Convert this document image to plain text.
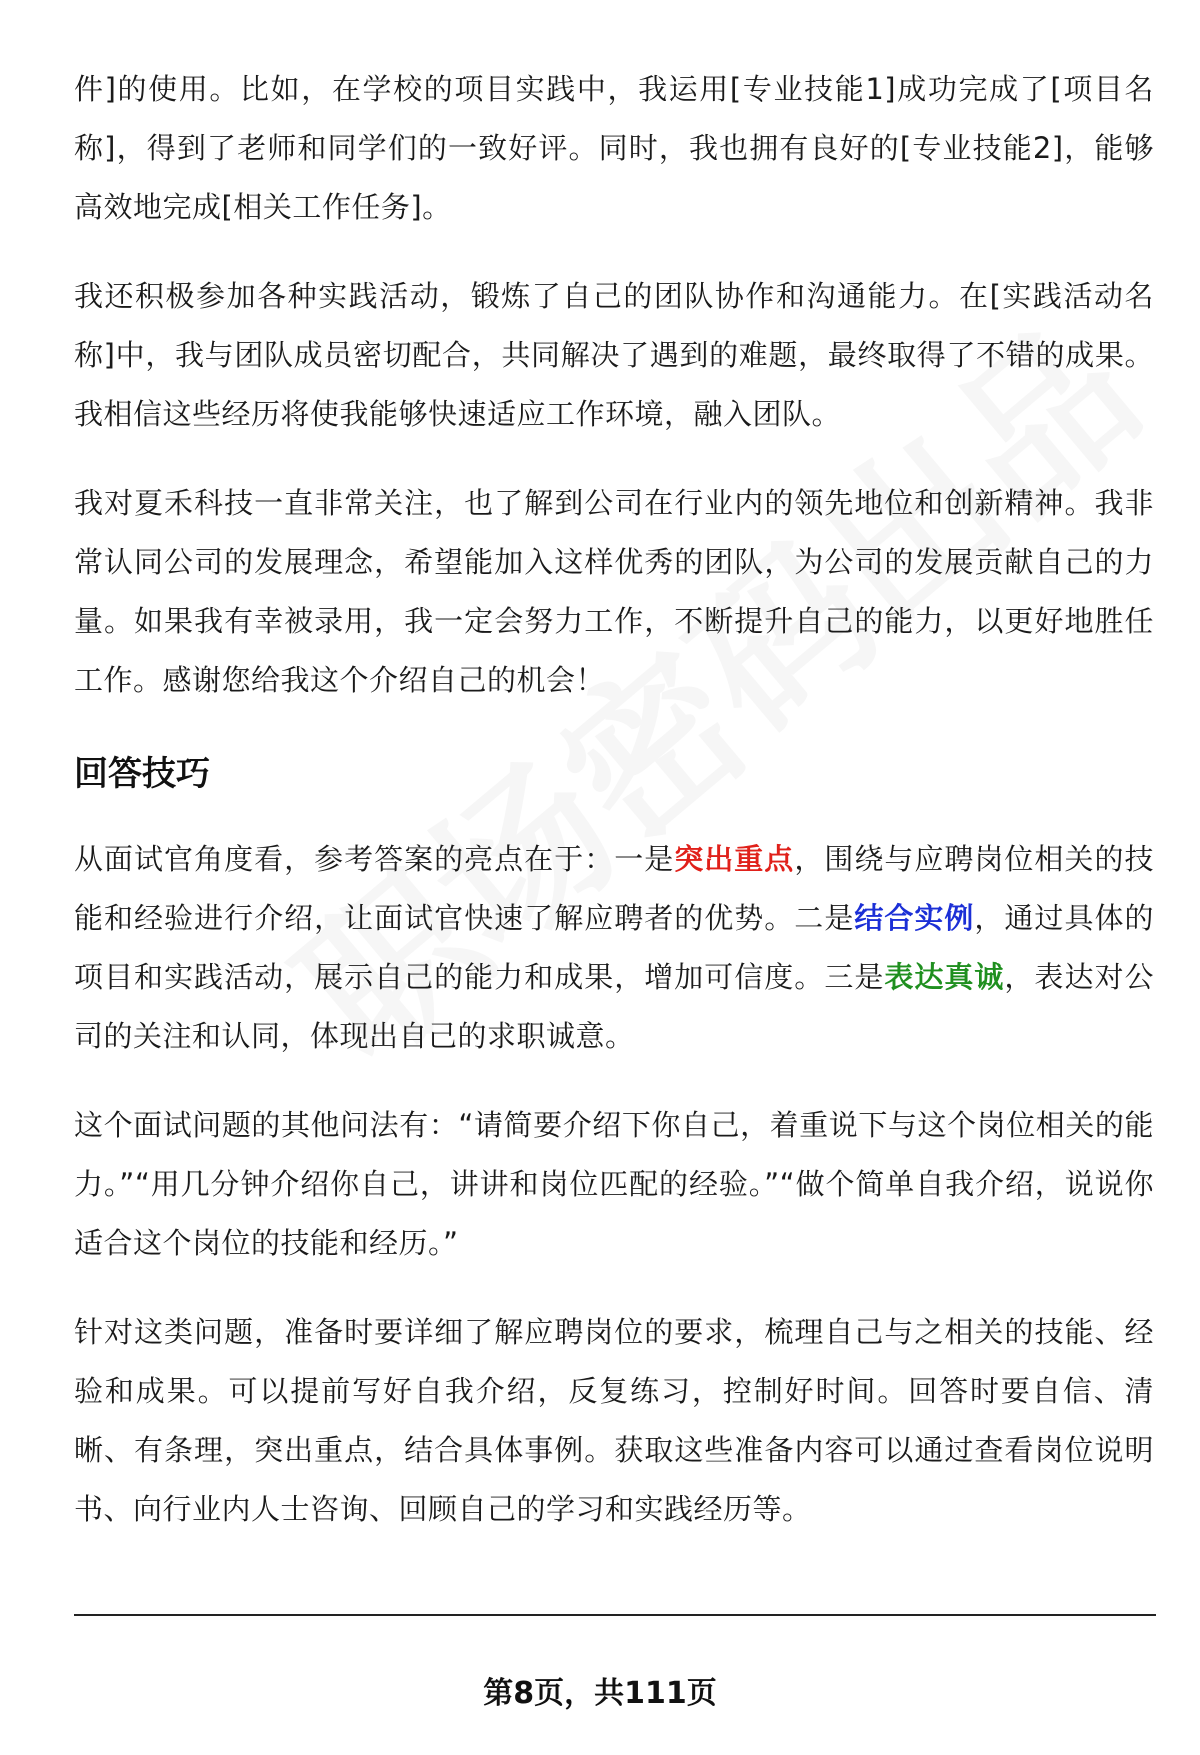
件]的使用。比如，在学校的项目实践中，我运用[专业技能1]成功完成了[项目名称]，得到了老师和同学们的一致好评。同时，我也拥有良好的[专业技能2]，能够高效地完成[相关工作任务]。

我还积极参加各种实践活动，锻炼了自己的团队协作和沟通能力。在[实践活动名称]中，我与团队成员密切配合，共同解决了遇到的难题，最终取得了不错的成果。我相信这些经历将使我能够快速适应工作环境，融入团队。

我对夏禾科技一直非常关注，也了解到公司在行业内的领先地位和创新精神。我非常认同公司的发展理念，希望能加入这样优秀的团队，为公司的发展贡献自己的力量。如果我有幸被录用，我一定会努力工作，不断提升自己的能力，以更好地胜任工作。感谢您给我这个介绍自己的机会！

回答技巧

从面试官角度看，参考答案的亮点在于：一是突出重点，围绕与应聘岗位相关的技能和经验进行介绍，让面试官快速了解应聘者的优势。二是结合实例，通过具体的项目和实践活动，展示自己的能力和成果，增加可信度。三是表达真诚，表达对公司的关注和认同，体现出自己的求职诚意。

这个面试问题的其他问法有：“请简要介绍下你自己，着重说下与这个岗位相关的能力。”“用几分钟介绍你自己，讲讲和岗位匹配的经验。”“做个简单自我介绍，说说你适合这个岗位的技能和经历。”

针对这类问题，准备时要详细了解应聘岗位的要求，梳理自己与之相关的技能、经验和成果。可以提前写好自我介绍，反复练习，控制好时间。回答时要自信、清晰、有条理，突出重点，结合具体事例。获取这些准备内容可以通过查看岗位说明书、向行业内人士咨询、回顾自己的学习和实践经历等。

第8页，共111页
